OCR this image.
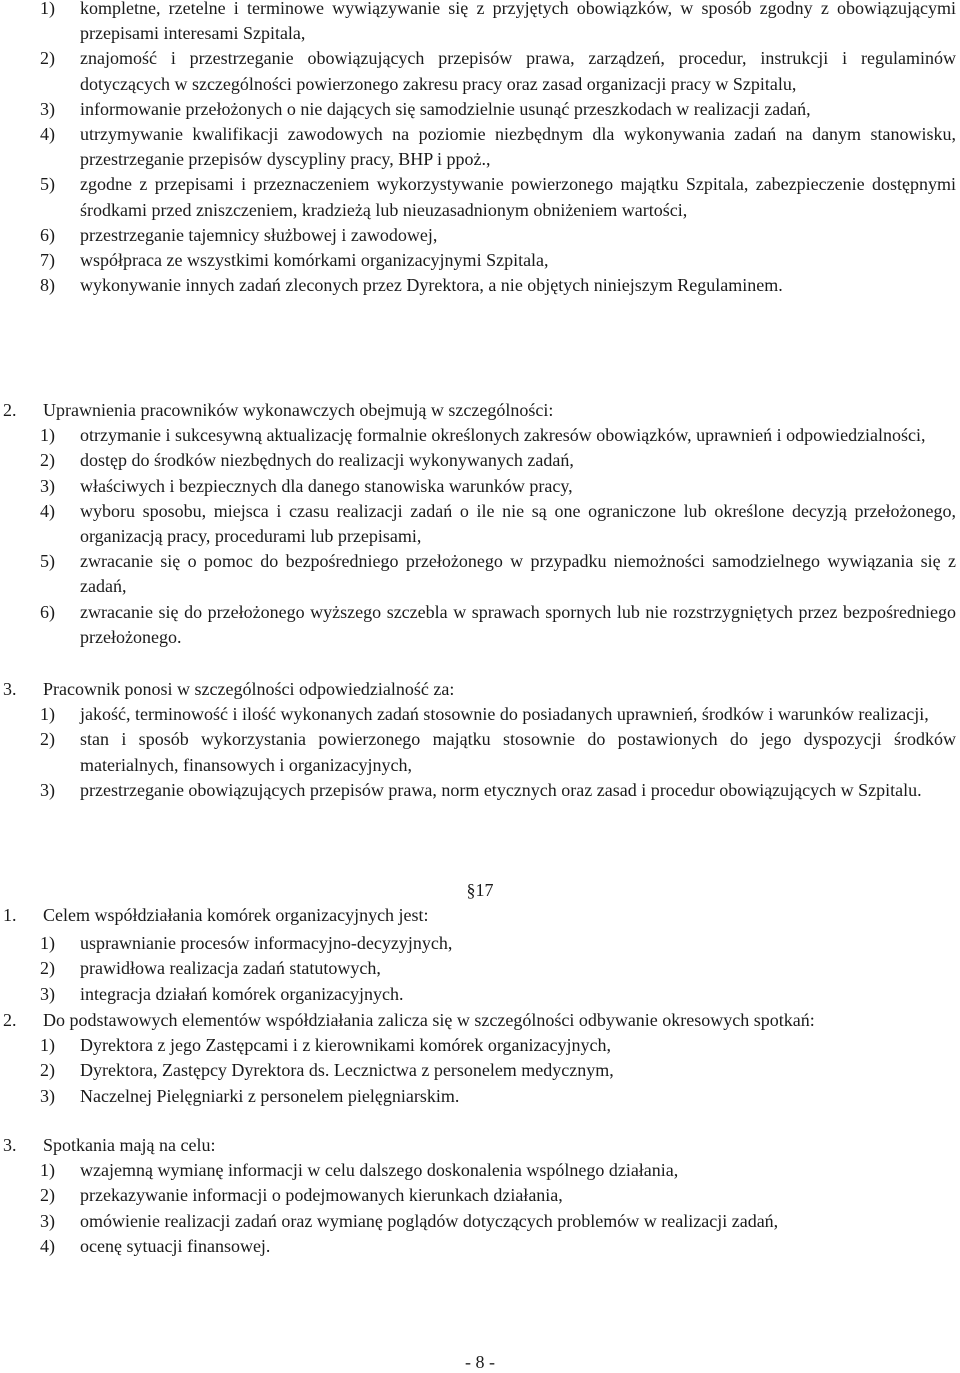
1)	kompletne, rzetelne i terminowe wywiązywanie się z przyjętych obowiązków, w sposób zgodny z obowiązującymi przepisami interesami Szpitala,
2)	znajomość i przestrzeganie obowiązujących przepisów prawa, zarządzeń, procedur, instrukcji i regulaminów dotyczących w szczególności powierzonego zakresu pracy oraz zasad organizacji pracy w Szpitalu,
3)	informowanie przełożonych o nie dających się samodzielnie usunąć przeszkodach w realizacji zadań,
4)	utrzymywanie kwalifikacji zawodowych na poziomie niezbędnym dla wykonywania zadań na danym stanowisku, przestrzeganie przepisów dyscypliny pracy, BHP i ppoż.,
5)	zgodne z przepisami i przeznaczeniem wykorzystywanie powierzonego majątku Szpitala, zabezpieczenie dostępnymi środkami przed zniszczeniem, kradzieżą lub nieuzasadnionym obniżeniem wartości,
6)	przestrzeganie tajemnicy służbowej i zawodowej,
7)	współpraca ze wszystkimi komórkami organizacyjnymi Szpitala,
8)	wykonywanie innych zadań zleconych przez Dyrektora, a nie objętych niniejszym Regulaminem.
2.	Uprawnienia pracowników wykonawczych obejmują w szczególności:
1)	otrzymanie i sukcesywną aktualizację formalnie określonych zakresów obowiązków, uprawnień i odpowiedzialności,
2)	dostęp do środków niezbędnych do realizacji wykonywanych zadań,
3)	właściwych i bezpiecznych dla danego stanowiska warunków pracy,
4)	wyboru sposobu, miejsca i czasu realizacji zadań o ile nie są one ograniczone lub określone decyzją przełożonego, organizacją pracy, procedurami lub przepisami,
5)	zwracanie się o pomoc do bezpośredniego przełożonego w przypadku niemożności samodzielnego wywiązania się z zadań,
6)	zwracanie się do przełożonego wyższego szczebla w sprawach spornych lub nie rozstrzygniętych przez bezpośredniego przełożonego.
3.	Pracownik ponosi w szczególności odpowiedzialność za:
1)	jakość, terminowość i ilość wykonanych zadań stosownie do posiadanych uprawnień, środków i warunków realizacji,
2)	stan i sposób wykorzystania powierzonego majątku stosownie do postawionych do jego dyspozycji środków materialnych, finansowych i organizacyjnych,
3)	przestrzeganie obowiązujących przepisów prawa, norm etycznych oraz zasad i procedur obowiązujących w Szpitalu.
§17
1.	Celem współdziałania komórek organizacyjnych jest:
1)	usprawnianie procesów informacyjno-decyzyjnych,
2)	prawidłowa realizacja zadań statutowych,
3)	integracja działań komórek organizacyjnych.
2.	Do podstawowych elementów współdziałania zalicza się w szczególności odbywanie okresowych spotkań:
1)	Dyrektora z jego Zastępcami i z kierownikami komórek organizacyjnych,
2)	Dyrektora, Zastępcy Dyrektora ds. Lecznictwa z personelem medycznym,
3)	Naczelnej Pielęgniarki z personelem pielęgniarskim.
3.	Spotkania mają na celu:
1)	wzajemną wymianę informacji w celu dalszego doskonalenia wspólnego działania,
2)	przekazywanie informacji o podejmowanych kierunkach działania,
3)	omówienie realizacji zadań oraz wymianę poglądów dotyczących problemów w realizacji zadań,
4)	ocenę sytuacji finansowej.
- 8 -
